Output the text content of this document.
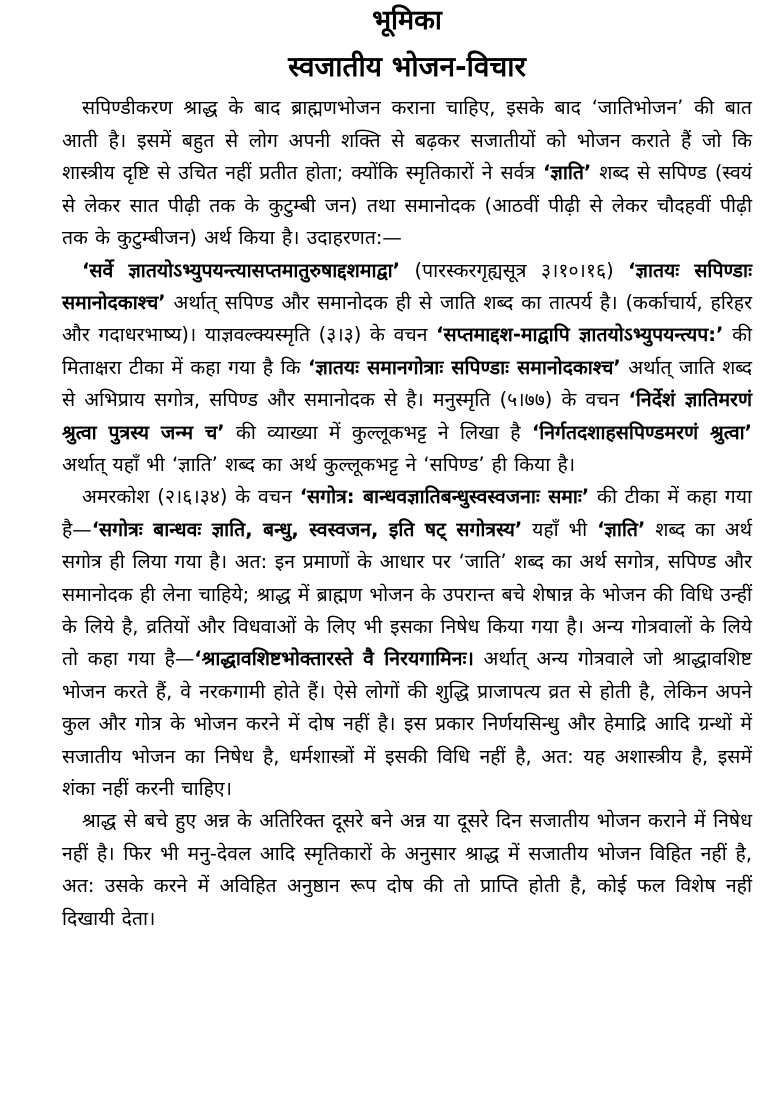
भूमिका
स्वजातीय भोजन-विचार

सपिण्डीकरण श्राद्ध के बाद ब्राह्मणभोजन कराना चाहिए, इसके बाद ‘जातिभोजन’ की बात आती है। इसमें बहुत से लोग अपनी शक्ति से बढ़कर सजातीयों को भोजन कराते हैं जो कि शास्त्रीय दृष्टि से उचित नहीं प्रतीत होता; क्योंकि स्मृतिकारों ने सर्वत्र ‘ज्ञाति’ शब्द से सपिण्ड (स्वयं से लेकर सात पीढ़ी तक के कुटुम्बी जन) तथा समानोदक (आठवीं पीढ़ी से लेकर चौदहवीं पीढ़ी तक के कुटुम्बीजन) अर्थ किया है। उदाहरणत:—

‘सर्वे ज्ञातयोऽभ्युपयन्त्यासप्तमातुरुषाद्दशमाद्वा’ (पारस्करगृह्यसूत्र ३।१०।१६) ‘ज्ञातयः सपिण्डाः समानोदकाश्च’ अर्थात् सपिण्ड और समानोदक ही से जाति शब्द का तात्पर्य है। (कर्काचार्य, हरिहर और गदाधरभाष्य)। याज्ञवल्क्यस्मृति (३।३) के वचन ‘सप्तमाद्दश-माद्वापि ज्ञातयोऽभ्युपयन्त्यप:’ की मिताक्षरा टीका में कहा गया है कि ‘ज्ञातयः समानगोत्राः सपिण्डाः समानोदकाश्च’ अर्थात् जाति शब्द से अभिप्राय सगोत्र, सपिण्ड और समानोदक से है। मनुस्मृति (५।७७) के वचन ‘निर्देशं ज्ञातिमरणं श्रुत्वा पुत्रस्य जन्म च’ की व्याख्या में कुल्लूकभट्ट ने लिखा है ‘निर्गतदशाहसपिण्डमरणं श्रुत्वा’ अर्थात् यहाँ भी ‘ज्ञाति’ शब्द का अर्थ कुल्लूकभट्ट ने ‘सपिण्ड’ ही किया है।

अमरकोश (२।६।३४) के वचन ‘सगोत्र: बान्धवज्ञातिबन्धुस्वस्वजनाः समाः’ की टीका में कहा गया है—‘सगोत्रः बान्धवः ज्ञाति, बन्धु, स्वस्वजन, इति षट् सगोत्रस्य’ यहाँ भी ‘ज्ञाति’ शब्द का अर्थ सगोत्र ही लिया गया है। अत: इन प्रमाणों के आधार पर ‘जाति’ शब्द का अर्थ सगोत्र, सपिण्ड और समानोदक ही लेना चाहिये; श्राद्ध में ब्राह्मण भोजन के उपरान्त बचे शेषान्न के भोजन की विधि उन्हीं के लिये है, व्रतियों और विधवाओं के लिए भी इसका निषेध किया गया है। अन्य गोत्रवालों के लिये तो कहा गया है—‘श्राद्धावशिष्टभोक्तारस्ते वै निरयगामिनः। अर्थात् अन्य गोत्रवाले जो श्राद्धावशिष्ट भोजन करते हैं, वे नरकगामी होते हैं। ऐसे लोगों की शुद्धि प्राजापत्य व्रत से होती है, लेकिन अपने कुल और गोत्र के भोजन करने में दोष नहीं है। इस प्रकार निर्णयसिन्धु और हेमाद्रि आदि ग्रन्थों में सजातीय भोजन का निषेध है, धर्मशास्त्रों में इसकी विधि नहीं है, अत: यह अशास्त्रीय है, इसमें शंका नहीं करनी चाहिए।

श्राद्ध से बचे हुए अन्न के अतिरिक्त दूसरे बने अन्न या दूसरे दिन सजातीय भोजन कराने में निषेध नहीं है। फिर भी मनु-देवल आदि स्मृतिकारों के अनुसार श्राद्ध में सजातीय भोजन विहित नहीं है, अत: उसके करने में अविहित अनुष्ठान रूप दोष की तो प्राप्ति होती है, कोई फल विशेष नहीं दिखायी देता।
